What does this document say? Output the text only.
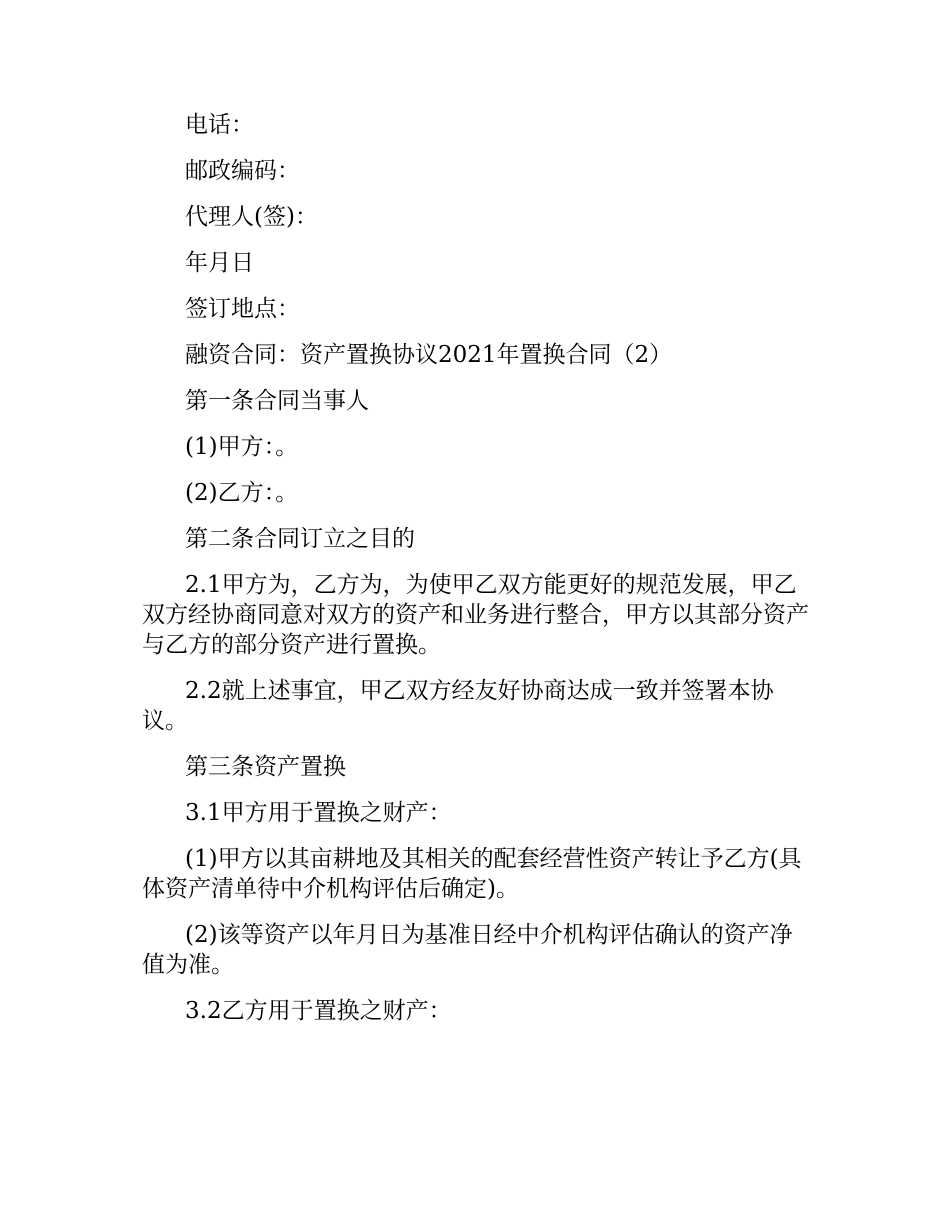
电话：

邮政编码：

代理人(签)：

年月日

签订地点：

融资合同：资产置换协议2021年置换合同（2）

第一条合同当事人

(1)甲方：。

(2)乙方：。

第二条合同订立之目的

2.1甲方为，乙方为，为使甲乙双方能更好的规范发展，甲乙双方经协商同意对双方的资产和业务进行整合，甲方以其部分资产与乙方的部分资产进行置换。

2.2就上述事宜，甲乙双方经友好协商达成一致并签署本协议。

第三条资产置换

3.1甲方用于置换之财产：

(1)甲方以其亩耕地及其相关的配套经营性资产转让予乙方(具体资产清单待中介机构评估后确定)。

(2)该等资产以年月日为基准日经中介机构评估确认的资产净值为准。

3.2乙方用于置换之财产：
